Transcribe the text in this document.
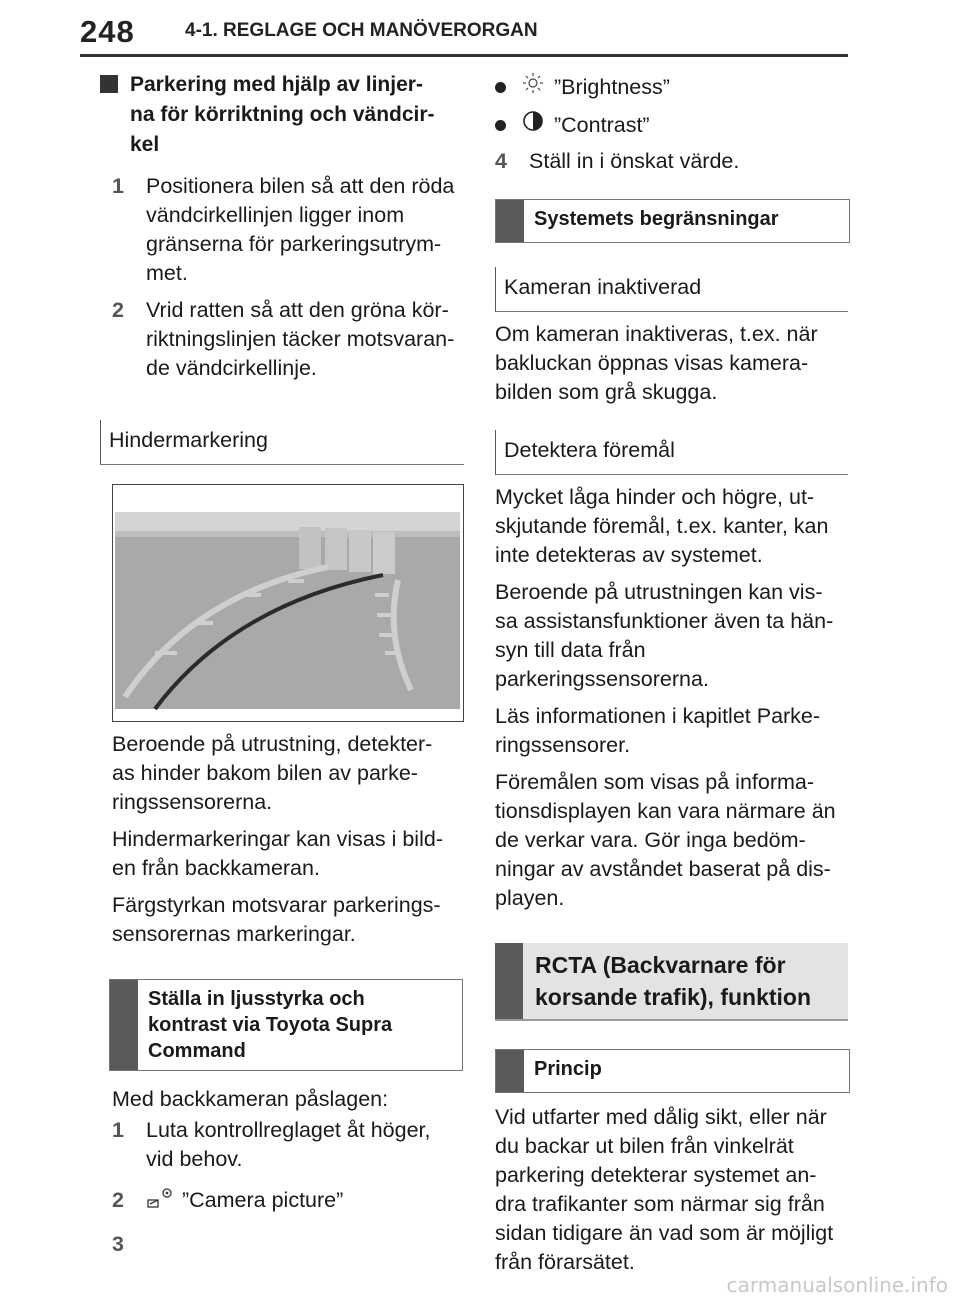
248	4-1. REGLAGE OCH MANÖVERORGAN
Parkering med hjälp av linjer-
na för körriktning och vändcir-
kel
1	Positionera bilen så att den röda
vändcirkellinjen ligger inom
gränserna för parkeringsutrym-
met.
2	Vrid ratten så att den gröna kör-
riktningslinjen täcker motsvaran-
de vändcirkellinje.
Hindermarkering

Beroende på utrustning, detekter-

as hinder bakom bilen av parke-

ringssensorerna.

Hindermarkeringar kan visas i bild-

en från backkameran.

Färgstyrkan motsvarar parkerings-

sensorernas markeringar.

Ställa in ljusstyrka och
kontrast via Toyota Supra
Command

Med backkameran påslagen:

1	Luta kontrollreglaget åt höger,
vid behov.
2	”Camera picture”
3
”Brightness”
”Contrast”
4	Ställ in i önskat värde.
Systemets begränsningar
Kameran inaktiverad

Om kameran inaktiveras, t.ex. när

bakluckan öppnas visas kamera-

bilden som grå skugga.

Detektera föremål

Mycket låga hinder och högre, ut-

skjutande föremål, t.ex. kanter, kan

inte detekteras av systemet.

Beroende på utrustningen kan vis-

sa assistansfunktioner även ta hän-

syn till data från

parkeringssensorerna.

Läs informationen i kapitlet Parke-

ringssensorer.

Föremålen som visas på informa-

tionsdisplayen kan vara närmare än

de verkar vara. Gör inga bedöm-

ningar av avståndet baserat på dis-

playen.

RCTA (Backvarnare för
korsande trafik), funktion
Princip

Vid utfarter med dålig sikt, eller när

du backar ut bilen från vinkelrät

parkering detekterar systemet an-

dra trafikanter som närmar sig från

sidan tidigare än vad som är möjligt

från förarsätet.

carmanualsonline.info
